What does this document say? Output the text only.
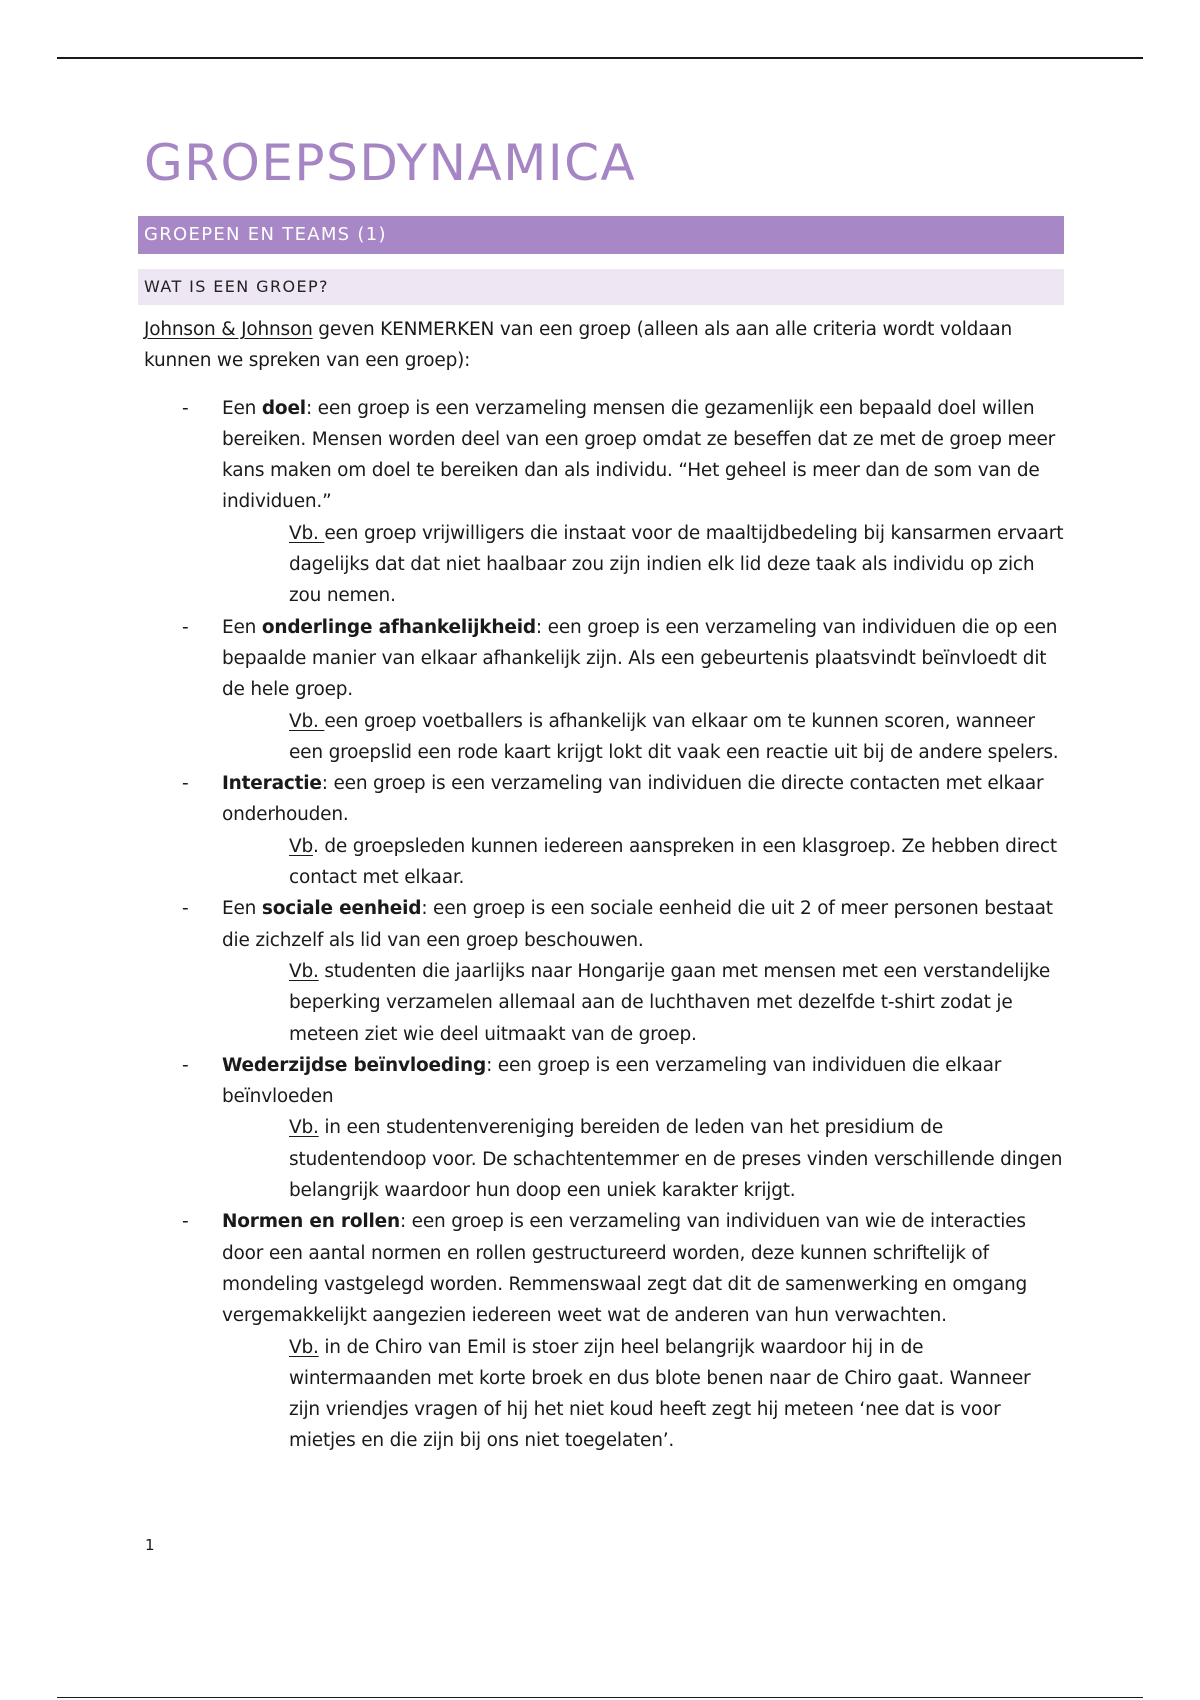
GROEPSDYNAMICA
GROEPEN EN TEAMS (1)
WAT IS EEN GROEP?

Johnson & Johnson geven KENMERKEN van een groep (alleen als aan alle criteria wordt voldaan kunnen we spreken van een groep):

- Een doel: een groep is een verzameling mensen die gezamenlijk een bepaald doel willen bereiken. Mensen worden deel van een groep omdat ze beseffen dat ze met de groep meer kans maken om doel te bereiken dan als individu. “Het geheel is meer dan de som van de individuen.”
Vb. een groep vrijwilligers die instaat voor de maaltijdbedeling bij kansarmen ervaart dagelijks dat dat niet haalbaar zou zijn indien elk lid deze taak als individu op zich zou nemen.
- Een onderlinge afhankelijkheid: een groep is een verzameling van individuen die op een bepaalde manier van elkaar afhankelijk zijn. Als een gebeurtenis plaatsvindt beïnvloedt dit de hele groep.
Vb. een groep voetballers is afhankelijk van elkaar om te kunnen scoren, wanneer een groepslid een rode kaart krijgt lokt dit vaak een reactie uit bij de andere spelers.
- Interactie: een groep is een verzameling van individuen die directe contacten met elkaar onderhouden.
Vb. de groepsleden kunnen iedereen aanspreken in een klasgroep. Ze hebben direct contact met elkaar.
- Een sociale eenheid: een groep is een sociale eenheid die uit 2 of meer personen bestaat die zichzelf als lid van een groep beschouwen.
Vb. studenten die jaarlijks naar Hongarije gaan met mensen met een verstandelijke beperking verzamelen allemaal aan de luchthaven met dezelfde t-shirt zodat je meteen ziet wie deel uitmaakt van de groep.
- Wederzijdse beïnvloeding: een groep is een verzameling van individuen die elkaar beïnvloeden
Vb. in een studentenvereniging bereiden de leden van het presidium de studentendoop voor. De schachtentemmer en de preses vinden verschillende dingen belangrijk waardoor hun doop een uniek karakter krijgt.
- Normen en rollen: een groep is een verzameling van individuen van wie de interacties door een aantal normen en rollen gestructureerd worden, deze kunnen schriftelijk of mondeling vastgelegd worden. Remmenswaal zegt dat dit de samenwerking en omgang vergemakkelijkt aangezien iedereen weet wat de anderen van hun verwachten.
Vb. in de Chiro van Emil is stoer zijn heel belangrijk waardoor hij in de wintermaanden met korte broek en dus blote benen naar de Chiro gaat. Wanneer zijn vriendjes vragen of hij het niet koud heeft zegt hij meteen ‘nee dat is voor mietjes en die zijn bij ons niet toegelaten’.
1
